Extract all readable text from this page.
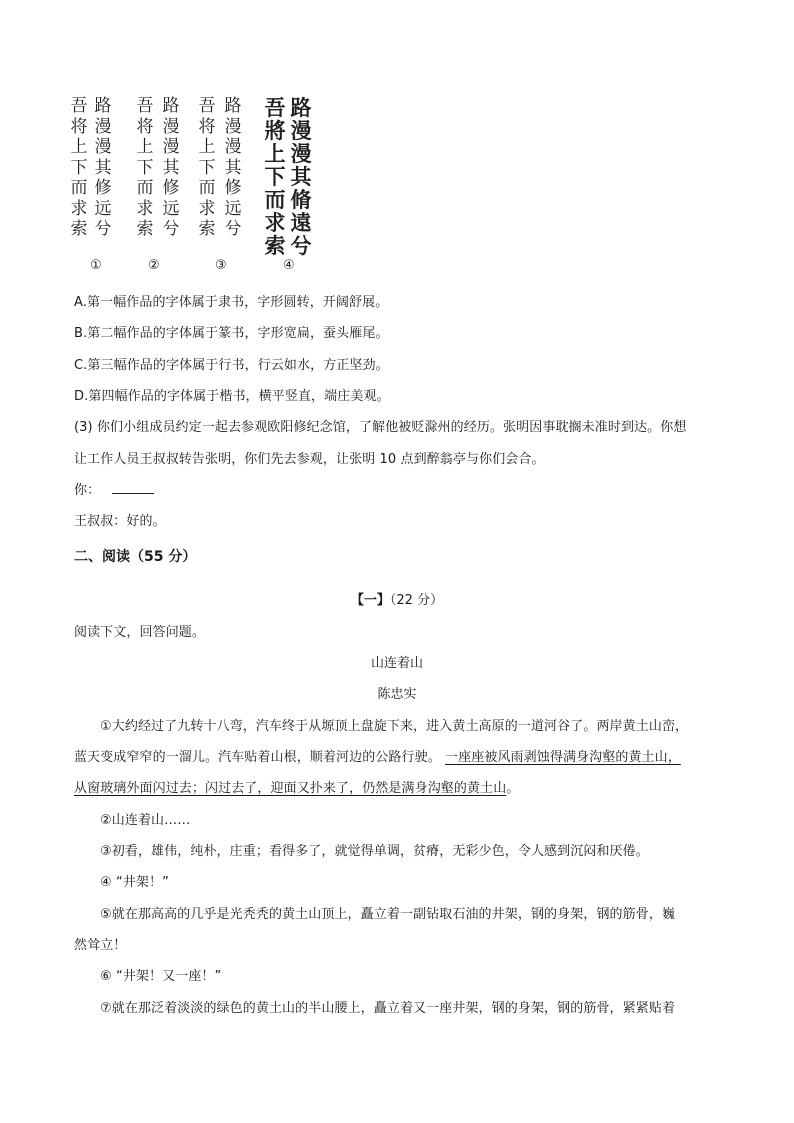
吾将上下而求索
路漫漫其修远兮
吾将上下而求索
路漫漫其修远兮
吾将上下而求索
路漫漫其修远兮
吾將上下而求索
路漫漫其脩遠兮
①	②	③	④
A.第一幅作品的字体属于隶书，字形圆转，开阔舒展。
B.第二幅作品的字体属于篆书，字形宽扁，蚕头雁尾。
C.第三幅作品的字体属于行书，行云如水，方正坚劲。
D.第四幅作品的字体属于楷书，横平竖直，端庄美观。
(3) 你们小组成员约定一起去参观欧阳修纪念馆，了解他被贬滁州的经历。张明因事耽搁未准时到达。你想
让工作人员王叔叔转告张明，你们先去参观，让张明 10 点到醉翁亭与你们会合。
你：
王叔叔：好的。
二、阅读（55 分）
【一】（22 分）
阅读下文，回答问题。
山连着山
陈忠实
①大约经过了九转十八弯，汽车终于从塬顶上盘旋下来，进入黄土高原的一道河谷了。两岸黄土山峦，
蓝天变成窄窄的一溜儿。汽车贴着山根，顺着河边的公路行驶。 一座座被风雨剥蚀得满身沟壑的黄土山，
从窗玻璃外面闪过去；闪过去了，迎面又扑来了，仍然是满身沟壑的黄土山。
②山连着山……
③初看，雄伟，纯朴，庄重；看得多了，就觉得单调，贫瘠，无彩少色，令人感到沉闷和厌倦。
④ “井架！”
⑤就在那高高的几乎是光秃秃的黄土山顶上，矗立着一副钻取石油的井架，钢的身架，钢的筋骨，巍
然耸立！
⑥ “井架！又一座！”
⑦就在那泛着淡淡的绿色的黄土山的半山腰上，矗立着又一座井架，钢的身架，钢的筋骨，紧紧贴着
